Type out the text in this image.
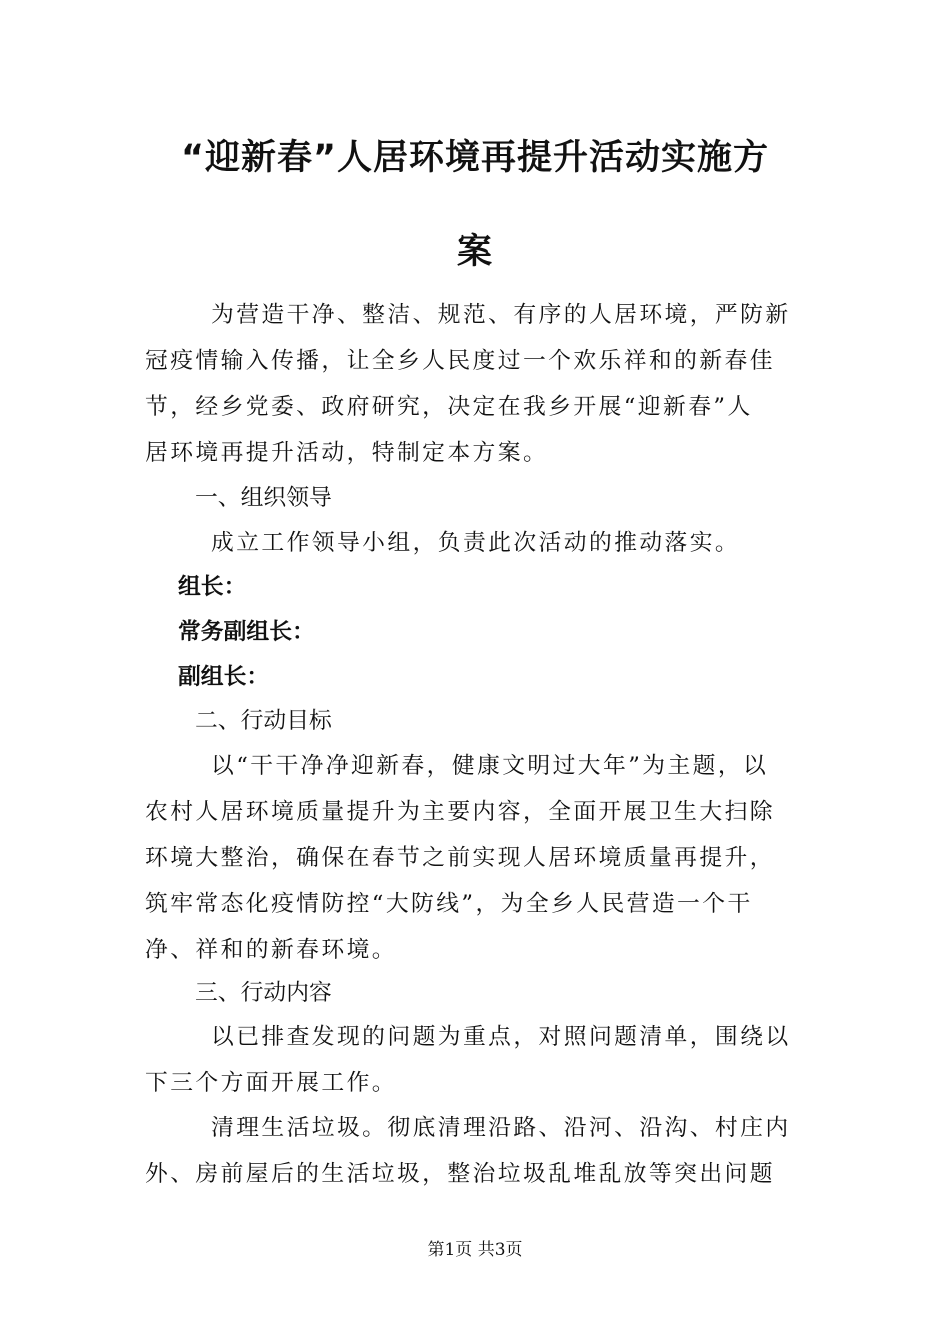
“迎新春”人居环境再提升活动实施方
案
为营造干净、整洁、规范、有序的人居环境，严防新
冠疫情输入传播，让全乡人民度过一个欢乐祥和的新春佳
节，经乡党委、政府研究，决定在我乡开展“迎新春”人
居环境再提升活动，特制定本方案。
一、组织领导
成立工作领导小组，负责此次活动的推动落实。
组长：
常务副组长：
副组长：
二、行动目标
以“干干净净迎新春，健康文明过大年”为主题，以
农村人居环境质量提升为主要内容，全面开展卫生大扫除
环境大整治，确保在春节之前实现人居环境质量再提升，
筑牢常态化疫情防控“大防线”，为全乡人民营造一个干
净、祥和的新春环境。
三、行动内容
以已排查发现的问题为重点，对照问题清单，围绕以
下三个方面开展工作。
清理生活垃圾。彻底清理沿路、沿河、沿沟、村庄内
外、房前屋后的生活垃圾，整治垃圾乱堆乱放等突出问题
第1页 共3页
